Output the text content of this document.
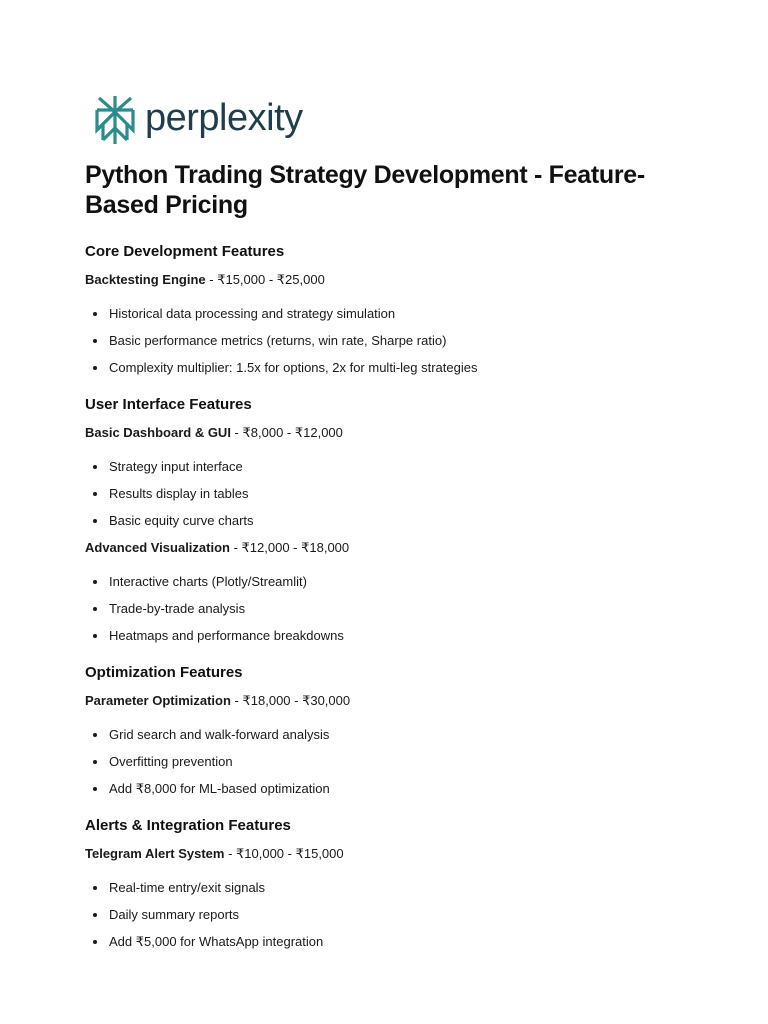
perplexity
Python Trading Strategy Development - Feature-Based Pricing
Core Development Features

Backtesting Engine - ₹15,000 - ₹25,000

Historical data processing and strategy simulation
Basic performance metrics (returns, win rate, Sharpe ratio)
Complexity multiplier: 1.5x for options, 2x for multi-leg strategies
User Interface Features

Basic Dashboard & GUI - ₹8,000 - ₹12,000

Strategy input interface
Results display in tables
Basic equity curve charts

Advanced Visualization - ₹12,000 - ₹18,000

Interactive charts (Plotly/Streamlit)
Trade-by-trade analysis
Heatmaps and performance breakdowns
Optimization Features

Parameter Optimization - ₹18,000 - ₹30,000

Grid search and walk-forward analysis
Overfitting prevention
Add ₹8,000 for ML-based optimization
Alerts & Integration Features

Telegram Alert System - ₹10,000 - ₹15,000

Real-time entry/exit signals
Daily summary reports
Add ₹5,000 for WhatsApp integration
